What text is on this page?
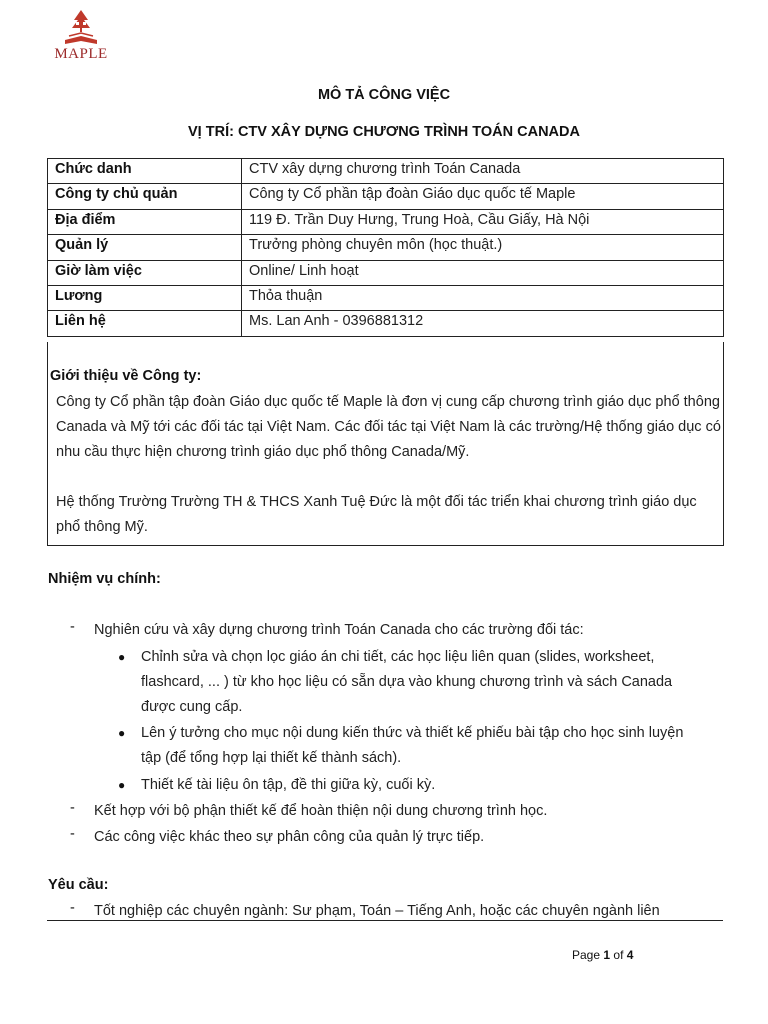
MAPLE
MÔ TẢ CÔNG VIỆC
VỊ TRÍ: CTV XÂY DỰNG CHƯƠNG TRÌNH TOÁN CANADA
Chức danh	CTV xây dựng chương trình Toán Canada
Công ty chủ quản	Công ty Cổ phần tập đoàn Giáo dục quốc tế Maple
Địa điểm	119 Đ. Trần Duy Hưng, Trung Hoà, Cầu Giấy, Hà Nội
Quản lý	Trưởng phòng chuyên môn (học thuật.)
Giờ làm việc	Online/ Linh hoạt
Lương	Thỏa thuận
Liên hệ	Ms. Lan Anh - 0396881312
Giới thiệu về Công ty:
Công ty Cổ phần tập đoàn Giáo dục quốc tế Maple là đơn vị cung cấp chương trình giáo dục phổ thông Canada và Mỹ tới các đối tác tại Việt Nam. Các đối tác tại Việt Nam là các trường/Hệ thống giáo dục có nhu cầu thực hiện chương trình giáo dục phổ thông Canada/Mỹ.
Hệ thống Trường Trường TH & THCS Xanh Tuệ Đức là một đối tác triển khai chương trình giáo dục phổ thông Mỹ.
Nhiệm vụ chính:
- Nghiên cứu và xây dựng chương trình Toán Canada cho các trường đối tác:
● Chỉnh sửa và chọn lọc giáo án chi tiết, các học liệu liên quan (slides, worksheet,
flashcard, ... ) từ kho học liệu có sẵn dựa vào khung chương trình và sách Canada
được cung cấp.
● Lên ý tưởng cho mục nội dung kiến thức và thiết kế phiếu bài tập cho học sinh luyện
tập (để tổng hợp lại thiết kế thành sách).
● Thiết kế tài liệu ôn tập, đề thi giữa kỳ, cuối kỳ.
- Kết hợp với bộ phận thiết kế để hoàn thiện nội dung chương trình học.
- Các công việc khác theo sự phân công của quản lý trực tiếp.
Yêu cầu:
- Tốt nghiệp các chuyên ngành: Sư phạm, Toán – Tiếng Anh, hoặc các chuyên ngành liên
Page 1 of 4
